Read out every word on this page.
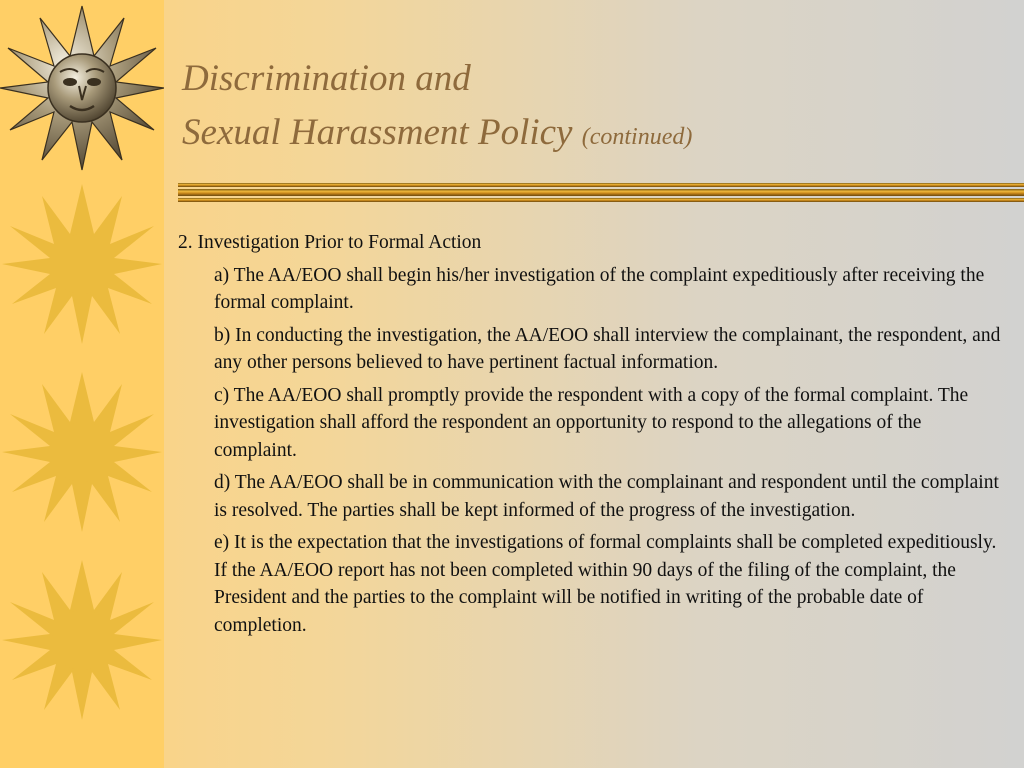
Discrimination and
Sexual Harassment Policy (continued)

2. Investigation Prior to Formal Action

a) The AA/EOO shall begin his/her investigation of the complaint expeditiously after receiving the formal complaint.

b) In conducting the investigation, the AA/EOO shall interview the complainant, the respondent, and any other persons believed to have pertinent factual information.

c) The AA/EOO shall promptly provide the respondent with a copy of the formal complaint. The investigation shall afford the respondent an opportunity to respond to the allegations of the complaint.

d) The AA/EOO shall be in communication with the complainant and respondent until the complaint is resolved. The parties shall be kept informed of the progress of the investigation.

e) It is the expectation that the investigations of formal complaints shall be completed expeditiously. If the AA/EOO report has not been completed within 90 days of the filing of the complaint, the President and the parties to the complaint will be notified in writing of the probable date of completion.
